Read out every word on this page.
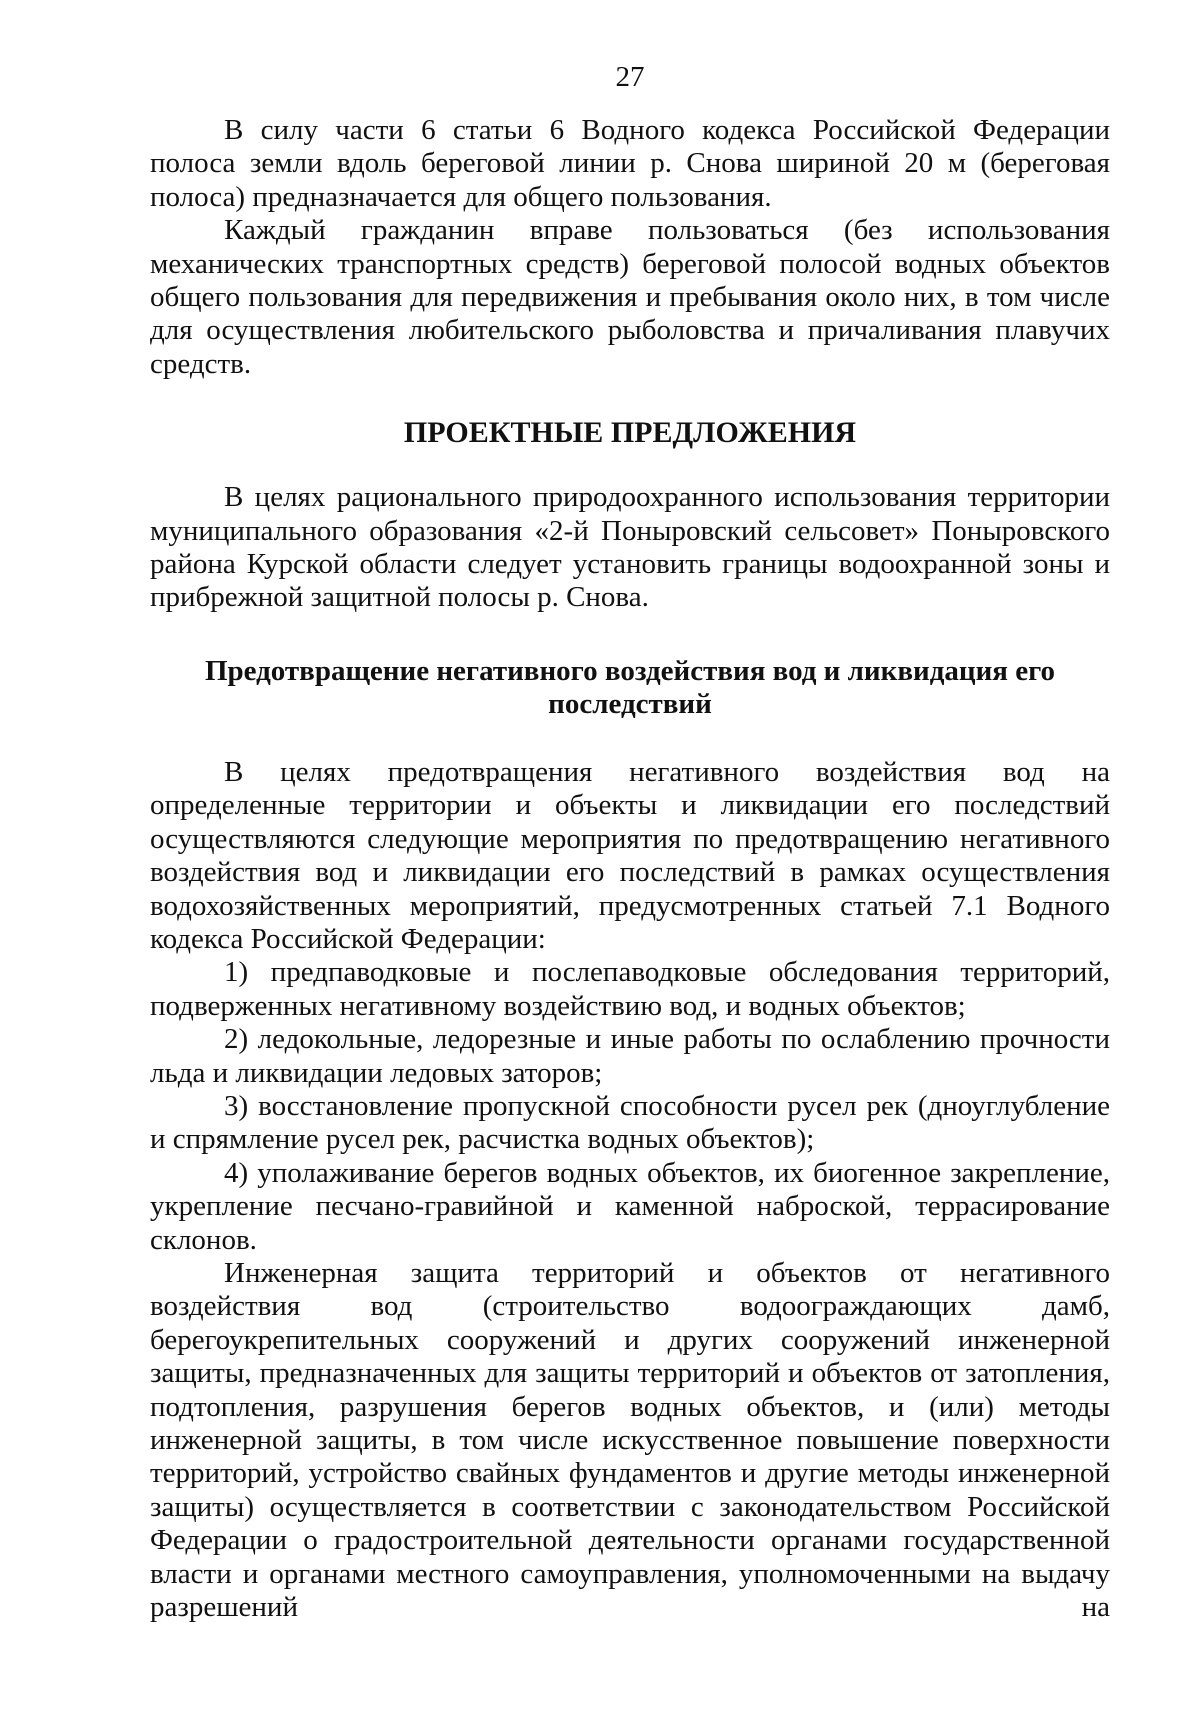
27

В силу части 6 статьи 6 Водного кодекса Российской Федерации полоса земли вдоль береговой линии р. Снова шириной 20 м (береговая полоса) предназначается для общего пользования.

Каждый гражданин вправе пользоваться (без использования механических транспортных средств) береговой полосой водных объектов общего пользования для передвижения и пребывания около них, в том числе для осуществления любительского рыболовства и причаливания плавучих средств.

ПРОЕКТНЫЕ ПРЕДЛОЖЕНИЯ

В целях рационального природоохранного использования территории муниципального образования «2-й Поныровский сельсовет» Поныровского района Курской области следует установить границы водоохранной зоны и прибрежной защитной полосы р. Снова.

Предотвращение негативного воздействия вод и ликвидация его последствий

В целях предотвращения негативного воздействия вод на определенные территории и объекты и ликвидации его последствий осуществляются следующие мероприятия по предотвращению негативного воздействия вод и ликвидации его последствий в рамках осуществления водохозяйственных мероприятий, предусмотренных статьей 7.1 Водного кодекса Российской Федерации:

1) предпаводковые и послепаводковые обследования территорий, подверженных негативному воздействию вод, и водных объектов;

2) ледокольные, ледорезные и иные работы по ослаблению прочности льда и ликвидации ледовых заторов;

3) восстановление пропускной способности русел рек (дноуглубление и спрямление русел рек, расчистка водных объектов);

4) уполаживание берегов водных объектов, их биогенное закрепление, укрепление песчано-гравийной и каменной наброской, террасирование склонов.

Инженерная защита территорий и объектов от негативного воздействия вод (строительство водоограждающих дамб, берегоукрепительных сооружений и других сооружений инженерной защиты, предназначенных для защиты территорий и объектов от затопления, подтопления, разрушения берегов водных объектов, и (или) методы инженерной защиты, в том числе искусственное повышение поверхности территорий, устройство свайных фундаментов и другие методы инженерной защиты) осуществляется в соответствии с законодательством Российской Федерации о градостроительной деятельности органами государственной власти и органами местного самоуправления, уполномоченными на выдачу разрешений на
